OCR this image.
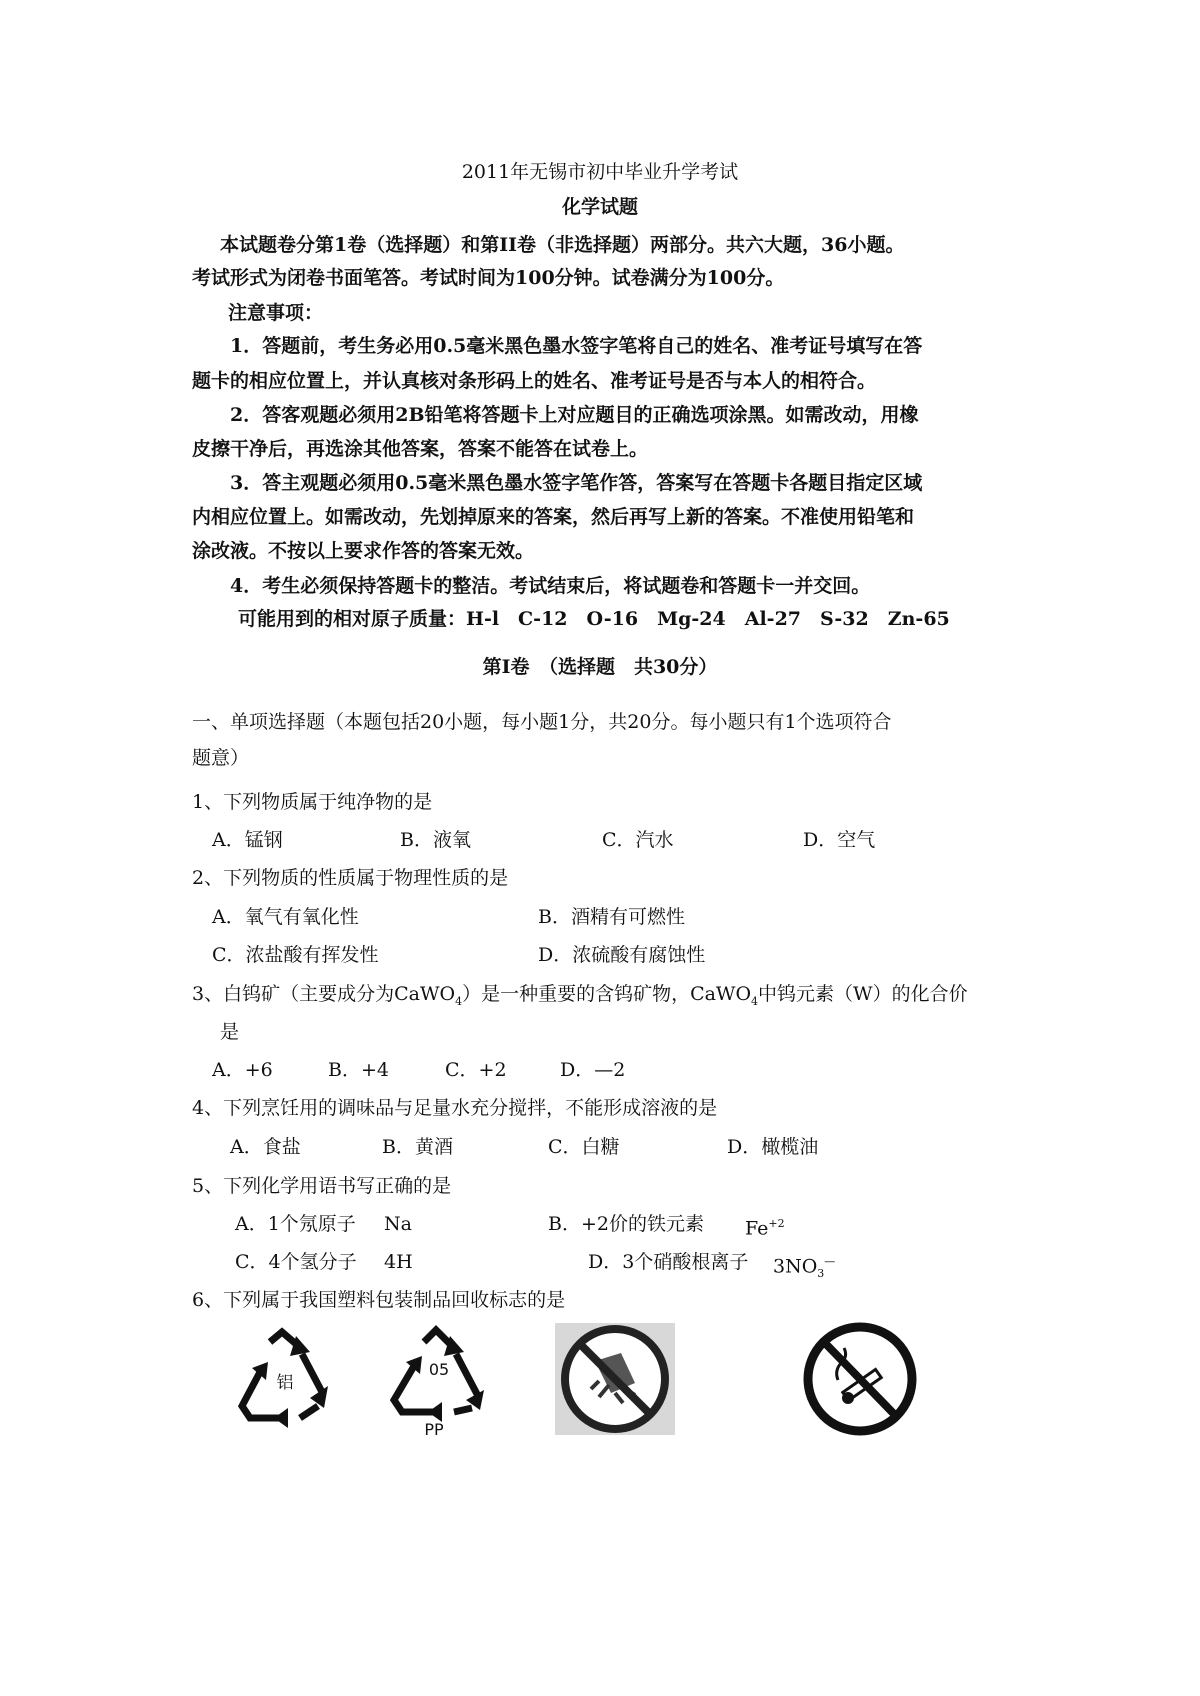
2011年无锡市初中毕业升学考试
化学试题
本试题卷分第1卷（选择题）和第II卷（非选择题）两部分。共六大题，36小题。
考试形式为闭卷书面笔答。考试时间为100分钟。试卷满分为100分。
注意事项：
1．答题前，考生务必用0.5毫米黑色墨水签字笔将自己的姓名、准考证号填写在答
题卡的相应位置上，并认真核对条形码上的姓名、准考证号是否与本人的相符合。
2．答客观题必须用2B铅笔将答题卡上对应题目的正确选项涂黑。如需改动，用橡
皮擦干净后，再选涂其他答案，答案不能答在试卷上。
3．答主观题必须用0.5毫米黑色墨水签字笔作答，答案写在答题卡各题目指定区域
内相应位置上。如需改动，先划掉原来的答案，然后再写上新的答案。不准使用铅笔和
涂改液。不按以上要求作答的答案无效。
4．考生必须保持答题卡的整洁。考试结束后，将试题卷和答题卡一并交回。
可能用到的相对原子质量：H-l　C-12　O-16　Mg-24　Al-27　S-32　Zn-65
第I卷　（选择题　共30分）
一、单项选择题（本题包括20小题，每小题1分，共20分。每小题只有1个选项符合
题意）
1、下列物质属于纯净物的是
A．锰钢	B．液氧	C．汽水	D．空气
2、下列物质的性质属于物理性质的是
A．氧气有氧化性	B．酒精有可燃性
C．浓盐酸有挥发性	D．浓硫酸有腐蚀性
3、白钨矿（主要成分为CaWO$_4$）是一种重要的含钨矿物，CaWO$_4$中钨元素（W）的化合价
是
A．+6	B．+4	C．+2	D．—2
4、下列烹饪用的调味品与足量水充分搅拌，不能形成溶液的是
A．食盐	B．黄酒	C．白糖	D．橄榄油
5、下列化学用语书写正确的是
A．1个氖原子 Na	B．+2价的铁元素 $Fe^{+2}$
C．4个氢分子 4H	D．3个硝酸根离子 $3NO_3^—$
6、下列属于我国塑料包装制品回收标志的是
铝
05
PP
